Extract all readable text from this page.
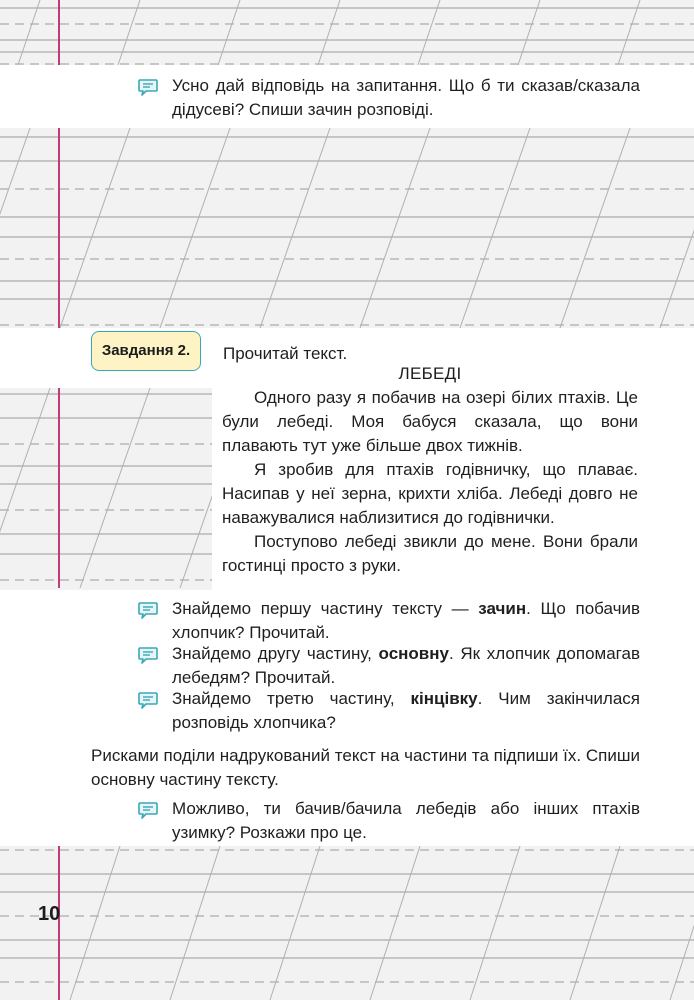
Усно дай відповідь на запитання. Що б ти сказав/сказала дідусеві? Спиши зачин розповіді.
Завдання 2.	Прочитай текст.
ЛЕБЕДІ

Одного разу я побачив на озері білих птахів. Це були лебеді. Моя бабуся сказала, що вони плавають тут уже більше двох тижнів.

Я зробив для птахів годівничку, що плаває. Насипав у неї зерна, крихти хліба. Лебеді довго не наважувалися наблизитися до годівнички.

Поступово лебеді звикли до мене. Вони брали гостинці просто з руки.

Знайдемо першу частину тексту — зачин. Що побачив хлопчик? Прочитай.
Знайдемо другу частину, основну. Як хлопчик допомагав лебедям? Прочитай.
Знайдемо третю частину, кінцівку. Чим закінчилася розповідь хлопчика?
Рисками поділи надрукований текст на частини та підпиши їх. Спиши основну частину тексту.
Можливо, ти бачив/бачила лебедів або інших птахів узимку? Розкажи про це.
10
